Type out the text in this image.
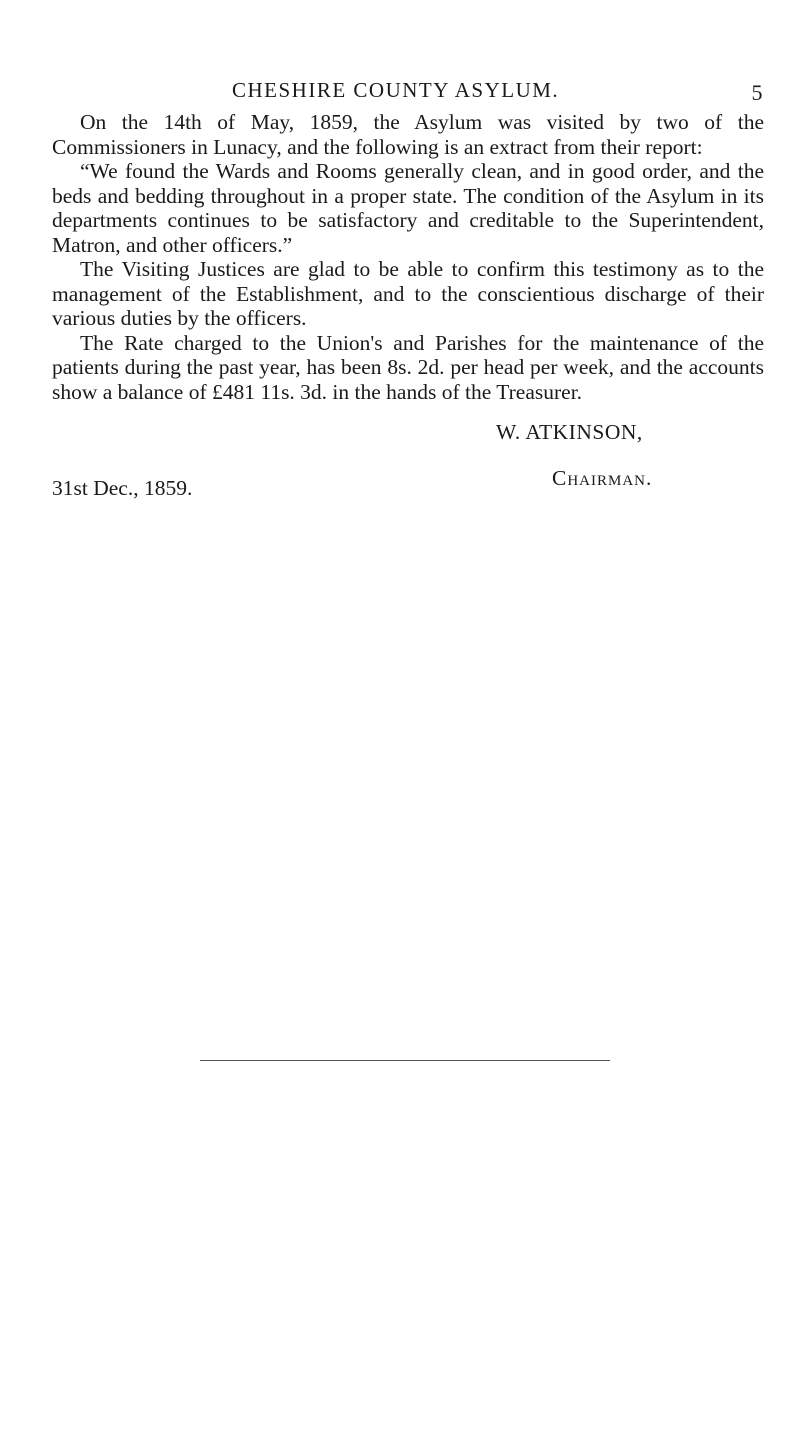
CHESHIRE COUNTY ASYLUM.	5

On the 14th of May, 1859, the Asylum was visited by two of the Commissioners in Lunacy, and the following is an extract from their report:

“We found the Wards and Rooms generally clean, and in good order, and the beds and bedding throughout in a proper state. The condition of the Asylum in its departments continues to be satisfactory and creditable to the Superintendent, Matron, and other officers.”

The Visiting Justices are glad to be able to confirm this testimony as to the management of the Establishment, and to the conscientious discharge of their various duties by the officers.

The Rate charged to the Union's and Parishes for the maintenance of the patients during the past year, has been 8s. 2d. per head per week, and the accounts show a balance of £481 11s. 3d. in the hands of the Treasurer.

W. ATKINSON,
Chairman.
31st Dec., 1859.
